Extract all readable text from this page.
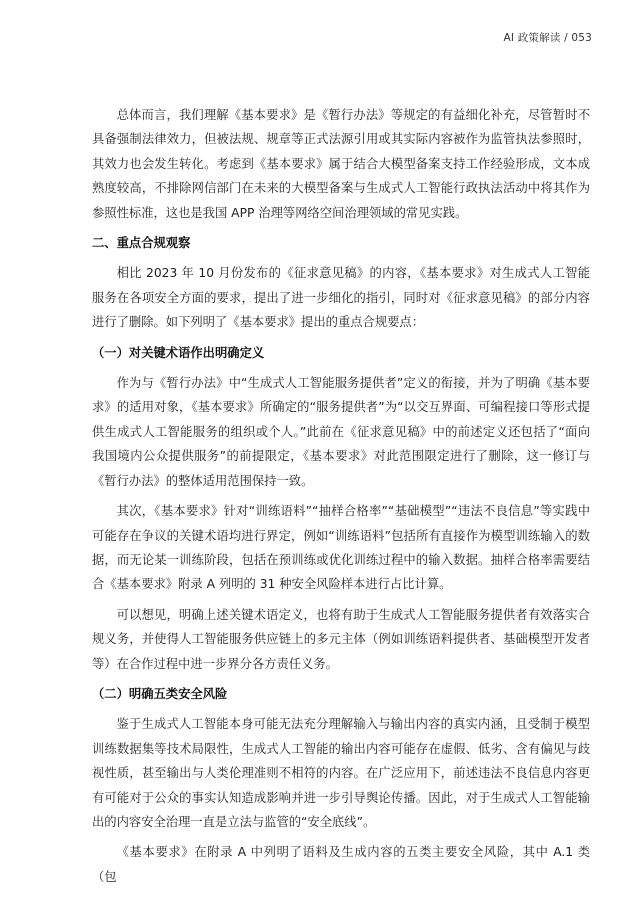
AI 政策解读 / 053

总体而言，我们理解《基本要求》是《暂行办法》等规定的有益细化补充，尽管暂时不具备强制法律效力，但被法规、规章等正式法源引用或其实际内容被作为监管执法参照时，其效力也会发生转化。考虑到《基本要求》属于结合大模型备案支持工作经验形成，文本成熟度较高，不排除网信部门在未来的大模型备案与生成式人工智能行政执法活动中将其作为参照性标准，这也是我国 APP 治理等网络空间治理领域的常见实践。

二、重点合规观察

相比 2023 年 10 月份发布的《征求意见稿》的内容，《基本要求》对生成式人工智能服务在各项安全方面的要求，提出了进一步细化的指引，同时对《征求意见稿》的部分内容进行了删除。如下列明了《基本要求》提出的重点合规要点：

（一）对关键术语作出明确定义

作为与《暂行办法》中“生成式人工智能服务提供者”定义的衔接，并为了明确《基本要求》的适用对象，《基本要求》所确定的“服务提供者”为“以交互界面、可编程接口等形式提供生成式人工智能服务的组织或个人。”此前在《征求意见稿》中的前述定义还包括了“面向我国境内公众提供服务”的前提限定，《基本要求》对此范围限定进行了删除，这一修订与《暂行办法》的整体适用范围保持一致。

其次，《基本要求》针对“训练语料”“抽样合格率”“基础模型”“违法不良信息”等实践中可能存在争议的关键术语均进行界定，例如“训练语料”包括所有直接作为模型训练输入的数据，而无论某一训练阶段，包括在预训练或优化训练过程中的输入数据。抽样合格率需要结合《基本要求》附录 A 列明的 31 种安全风险样本进行占比计算。

可以想见，明确上述关键术语定义，也将有助于生成式人工智能服务提供者有效落实合规义务，并使得人工智能服务供应链上的多元主体（例如训练语料提供者、基础模型开发者等）在合作过程中进一步界分各方责任义务。

（二）明确五类安全风险

鉴于生成式人工智能本身可能无法充分理解输入与输出内容的真实内涵，且受制于模型训练数据集等技术局限性，生成式人工智能的输出内容可能存在虚假、低劣、含有偏见与歧视性质，甚至输出与人类伦理准则不相符的内容。在广泛应用下，前述违法不良信息内容更有可能对于公众的事实认知造成影响并进一步引导舆论传播。因此，对于生成式人工智能输出的内容安全治理一直是立法与监管的“安全底线”。

《基本要求》在附录 A 中列明了语料及生成内容的五类主要安全风险，其中 A.1 类（包
